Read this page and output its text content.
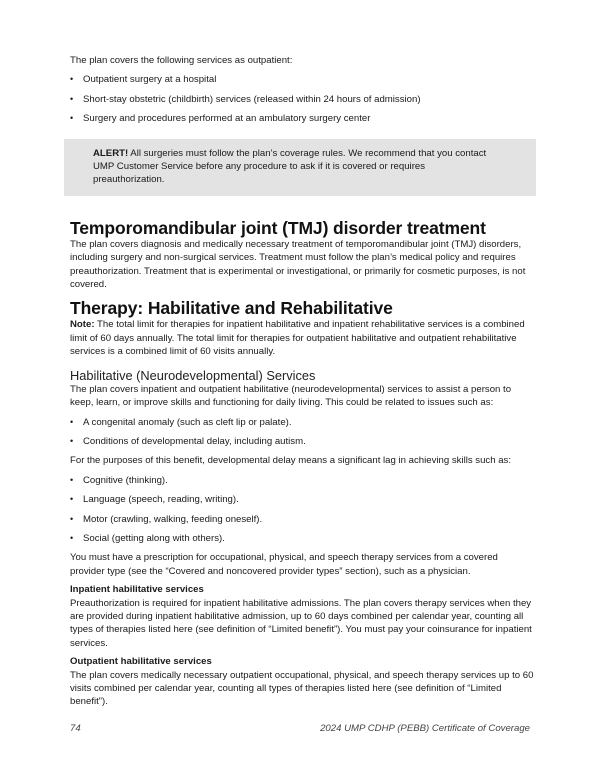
The plan covers the following services as outpatient:

• Outpatient surgery at a hospital
• Short-stay obstetric (childbirth) services (released within 24 hours of admission)
• Surgery and procedures performed at an ambulatory surgery center

ALERT! All surgeries must follow the plan’s coverage rules. We recommend that you contact UMP Customer Service before any procedure to ask if it is covered or requires preauthorization.

Temporomandibular joint (TMJ) disorder treatment

The plan covers diagnosis and medically necessary treatment of temporomandibular joint (TMJ) disorders, including surgery and non-surgical services. Treatment must follow the plan’s medical policy and requires preauthorization. Treatment that is experimental or investigational, or primarily for cosmetic purposes, is not covered.

Therapy: Habilitative and Rehabilitative

Note: The total limit for therapies for inpatient habilitative and inpatient rehabilitative services is a combined limit of 60 days annually. The total limit for therapies for outpatient habilitative and outpatient rehabilitative services is a combined limit of 60 visits annually.

Habilitative (Neurodevelopmental) Services

The plan covers inpatient and outpatient habilitative (neurodevelopmental) services to assist a person to keep, learn, or improve skills and functioning for daily living. This could be related to issues such as:

• A congenital anomaly (such as cleft lip or palate).
• Conditions of developmental delay, including autism.

For the purposes of this benefit, developmental delay means a significant lag in achieving skills such as:

• Cognitive (thinking).
• Language (speech, reading, writing).
• Motor (crawling, walking, feeding oneself).
• Social (getting along with others).

You must have a prescription for occupational, physical, and speech therapy services from a covered provider type (see the “Covered and noncovered provider types” section), such as a physician.

Inpatient habilitative services

Preauthorization is required for inpatient habilitative admissions. The plan covers therapy services when they are provided during inpatient habilitative admission, up to 60 days combined per calendar year, counting all types of therapies listed here (see definition of “Limited benefit”). You must pay your coinsurance for inpatient services.

Outpatient habilitative services

The plan covers medically necessary outpatient occupational, physical, and speech therapy services up to 60 visits combined per calendar year, counting all types of therapies listed here (see definition of “Limited benefit”).

74	2024 UMP CDHP (PEBB) Certificate of Coverage
